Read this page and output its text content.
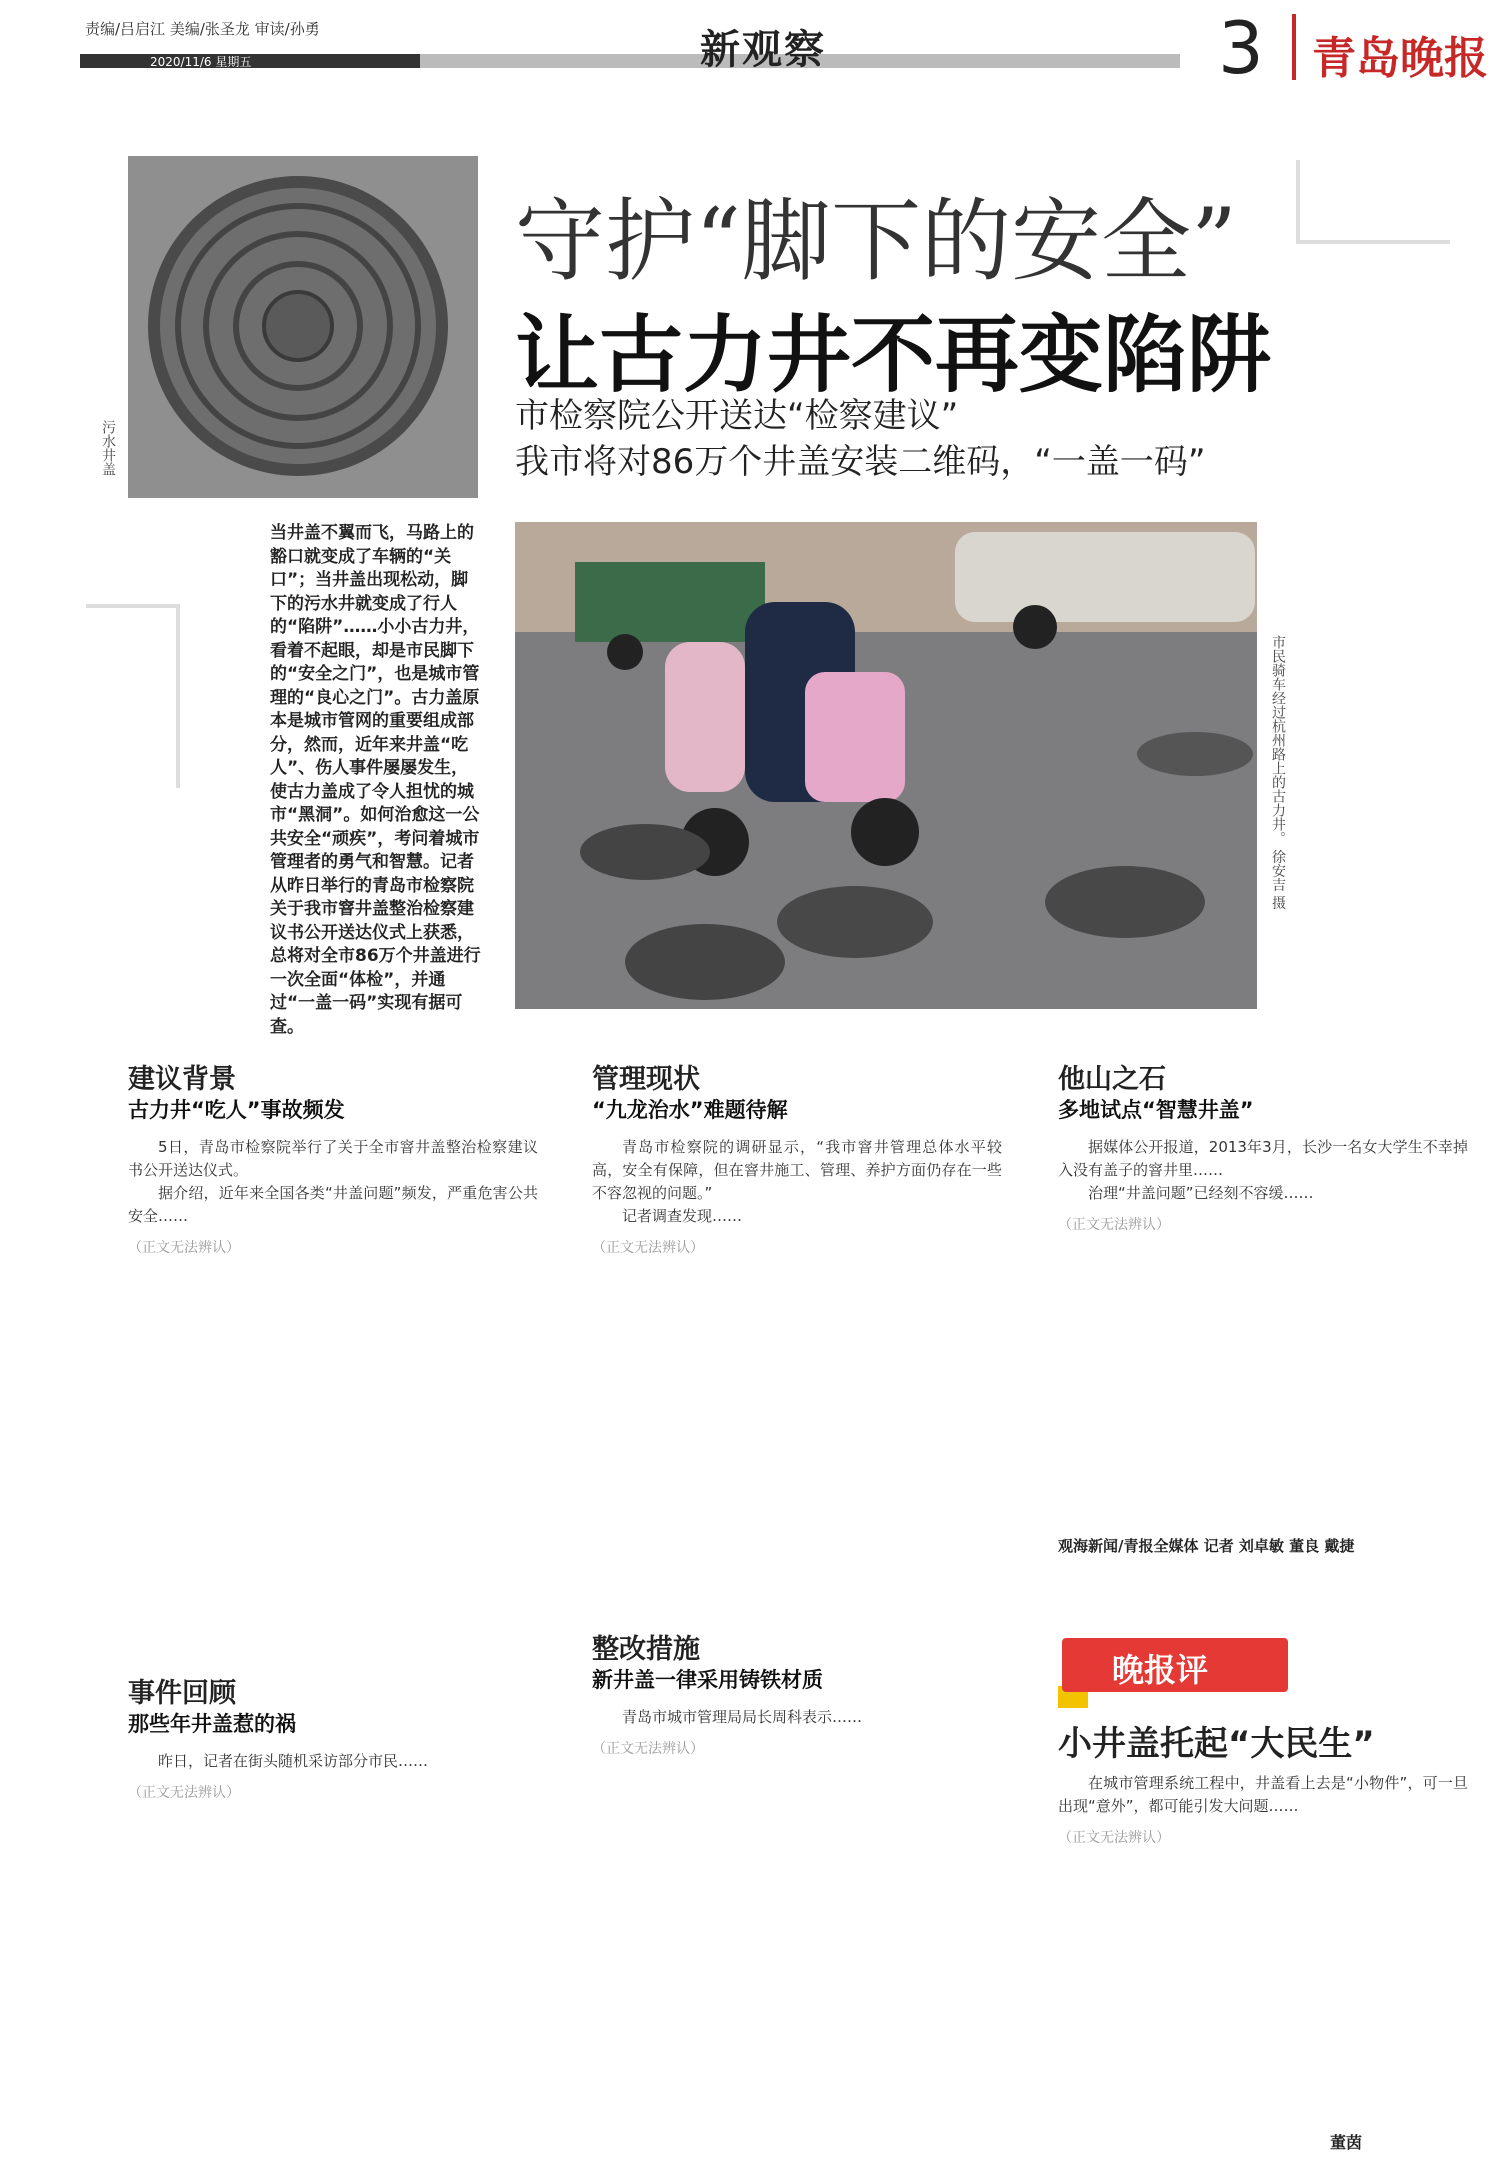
责编/吕启江 美编/张圣龙 审读/孙勇
2020/11/6 星期五	新观察	3 青岛晚报
污水井盖
守护“脚下的安全”
让古力井不再变陷阱
市检察院公开送达“检察建议”
我市将对86万个井盖安装二维码，“一盖一码”
当井盖不翼而飞，马路上的豁口就变成了车辆的“关口”；当井盖出现松动，脚下的污水井就变成了行人的“陷阱”……小小古力井，看着不起眼，却是市民脚下的“安全之门”，也是城市管理的“良心之门”。古力盖原本是城市管网的重要组成部分，然而，近年来井盖“吃人”、伤人事件屡屡发生，使古力盖成了令人担忧的城市“黑洞”。如何治愈这一公共安全“顽疾”，考问着城市管理者的勇气和智慧。记者从昨日举行的青岛市检察院关于我市窨井盖整治检察建议书公开送达仪式上获悉，总将对全市86万个井盖进行一次全面“体检”，并通过“一盖一码”实现有据可查。
市民骑车经过杭州路上的古力井。 徐安吉 摄
建议背景
古力井“吃人”事故频发

5日，青岛市检察院举行了关于全市窨井盖整治检察建议书公开送达仪式。

据介绍，近年来全国各类“井盖问题”频发，严重危害公共安全……

（正文无法辨认）
事件回顾
那些年井盖惹的祸

昨日，记者在街头随机采访部分市民……

（正文无法辨认）
管理现状
“九龙治水”难题待解

青岛市检察院的调研显示，“我市窨井管理总体水平较高，安全有保障，但在窨井施工、管理、养护方面仍存在一些不容忽视的问题。”

记者调查发现……

（正文无法辨认）
整改措施
新井盖一律采用铸铁材质

青岛市城市管理局局长周科表示……

（正文无法辨认）
他山之石
多地试点“智慧井盖”

据媒体公开报道，2013年3月，长沙一名女大学生不幸掉入没有盖子的窨井里……

治理“井盖问题”已经刻不容缓……

（正文无法辨认）
观海新闻/青报全媒体 记者 刘卓敏 董良 戴捷
晚报评
小井盖托起“大民生”

在城市管理系统工程中，井盖看上去是“小物件”，可一旦出现“意外”，都可能引发大问题……

（正文无法辨认）
董茵
